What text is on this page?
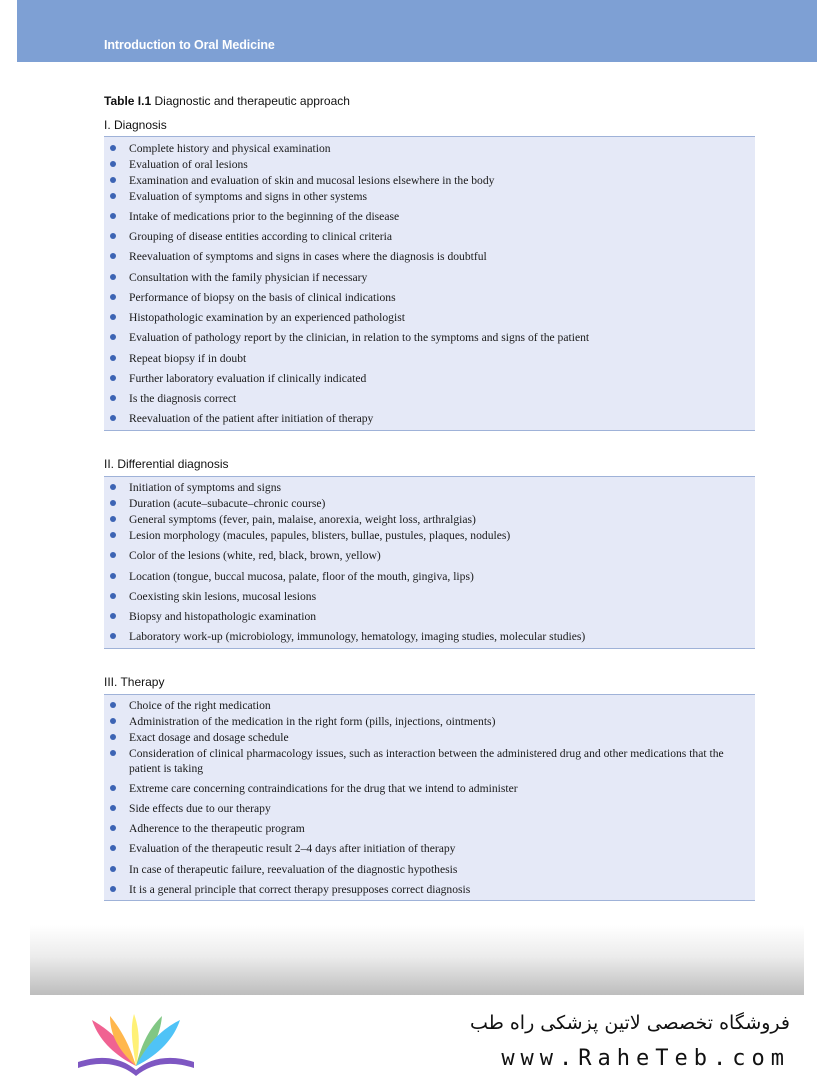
Introduction to Oral Medicine
Table I.1 Diagnostic and therapeutic approach
I. Diagnosis
Complete history and physical examination
Evaluation of oral lesions
Examination and evaluation of skin and mucosal lesions elsewhere in the body
Evaluation of symptoms and signs in other systems
Intake of medications prior to the beginning of the disease
Grouping of disease entities according to clinical criteria
Reevaluation of symptoms and signs in cases where the diagnosis is doubtful
Consultation with the family physician if necessary
Performance of biopsy on the basis of clinical indications
Histopathologic examination by an experienced pathologist
Evaluation of pathology report by the clinician, in relation to the symptoms and signs of the patient
Repeat biopsy if in doubt
Further laboratory evaluation if clinically indicated
Is the diagnosis correct
Reevaluation of the patient after initiation of therapy
II. Differential diagnosis
Initiation of symptoms and signs
Duration (acute–subacute–chronic course)
General symptoms (fever, pain, malaise, anorexia, weight loss, arthralgias)
Lesion morphology (macules, papules, blisters, bullae, pustules, plaques, nodules)
Color of the lesions (white, red, black, brown, yellow)
Location (tongue, buccal mucosa, palate, floor of the mouth, gingiva, lips)
Coexisting skin lesions, mucosal lesions
Biopsy and histopathologic examination
Laboratory work-up (microbiology, immunology, hematology, imaging studies, molecular studies)
III. Therapy
Choice of the right medication
Administration of the medication in the right form (pills, injections, ointments)
Exact dosage and dosage schedule
Consideration of clinical pharmacology issues, such as interaction between the administered drug and other medications that the patient is taking
Extreme care concerning contraindications for the drug that we intend to administer
Side effects due to our therapy
Adherence to the therapeutic program
Evaluation of the therapeutic result 2–4 days after initiation of therapy
In case of therapeutic failure, reevaluation of the diagnostic hypothesis
It is a general principle that correct therapy presupposes correct diagnosis
فروشگاه تخصصی لاتین پزشکی راه طب
www.RaheTeb.com
